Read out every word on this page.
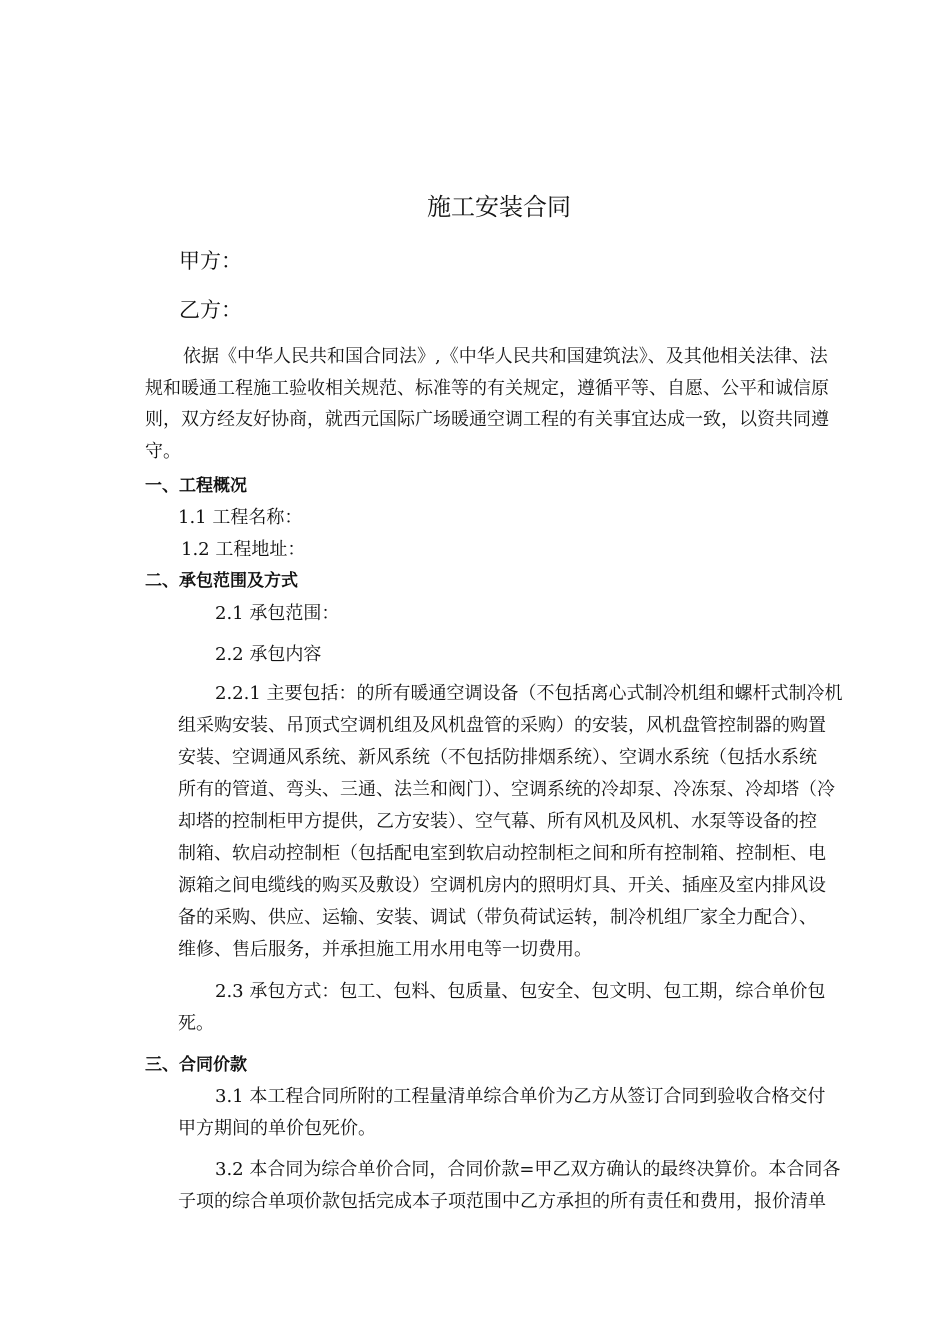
施工安装合同
甲方：
乙方：
依据《中华人民共和国合同法》,《中华人民共和国建筑法》、及其他相关法律、法
规和暖通工程施工验收相关规范、标准等的有关规定，遵循平等、自愿、公平和诚信原
则，双方经友好协商，就西元国际广场暖通空调工程的有关事宜达成一致，以资共同遵
守。
一、工程概况
1.1 工程名称：
1.2 工程地址：
二、承包范围及方式
2.1 承包范围：
2.2 承包内容
2.2.1 主要包括：的所有暖通空调设备（不包括离心式制冷机组和螺杆式制冷机
组采购安装、吊顶式空调机组及风机盘管的采购）的安装，风机盘管控制器的购置
安装、空调通风系统、新风系统（不包括防排烟系统）、空调水系统（包括水系统
所有的管道、弯头、三通、法兰和阀门）、空调系统的冷却泵、冷冻泵、冷却塔（冷
却塔的控制柜甲方提供，乙方安装）、空气幕、所有风机及风机、水泵等设备的控
制箱、软启动控制柜（包括配电室到软启动控制柜之间和所有控制箱、控制柜、电
源箱之间电缆线的购买及敷设）空调机房内的照明灯具、开关、插座及室内排风设
备的采购、供应、运输、安装、调试（带负荷试运转，制冷机组厂家全力配合）、
维修、售后服务，并承担施工用水用电等一切费用。
2.3 承包方式：包工、包料、包质量、包安全、包文明、包工期，综合单价包
死。
三、合同价款
3.1 本工程合同所附的工程量清单综合单价为乙方从签订合同到验收合格交付
甲方期间的单价包死价。
3.2 本合同为综合单价合同，合同价款=甲乙双方确认的最终决算价。本合同各
子项的综合单项价款包括完成本子项范围中乙方承担的所有责任和费用，报价清单
